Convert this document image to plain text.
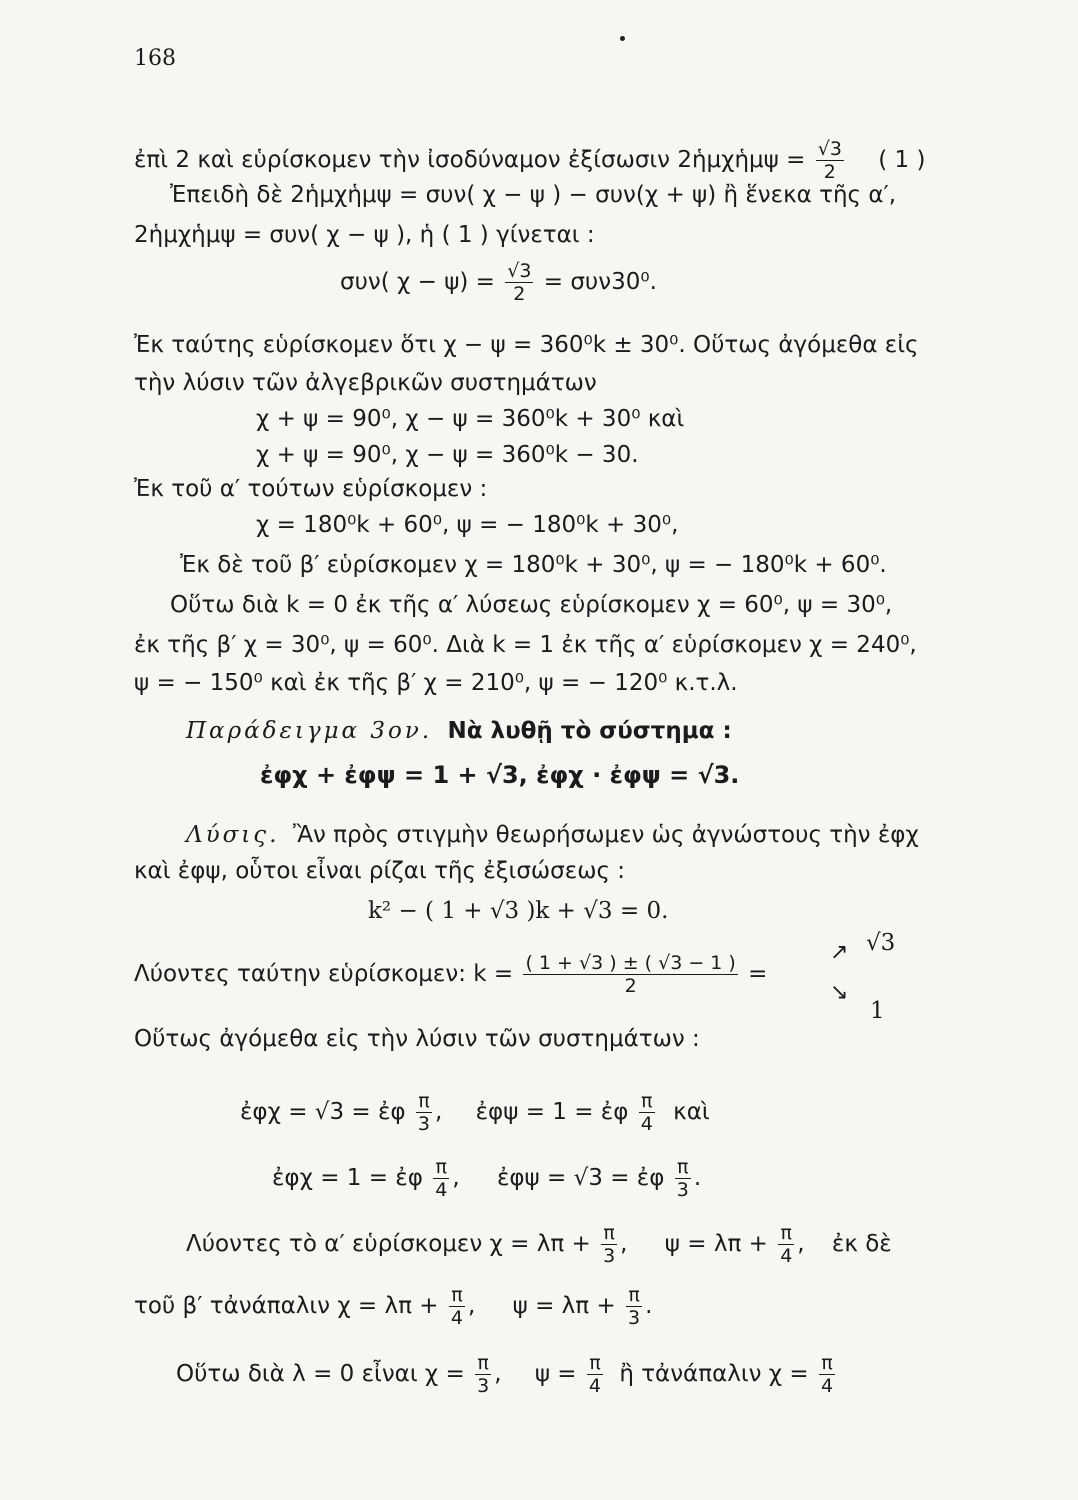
168
ἐπὶ 2 καὶ εὑρίσκομεν τὴν ἰσοδύναμον ἐξίσωσιν 2ἡμχἡμψ = $\frac{√3}{2}$ ( 1 )
Ἐπειδὴ δὲ 2ἡμχἡμψ = συν( χ − ψ ) − συν(χ + ψ) ἢ ἕνεκα τῆς α′,
2ἡμχἡμψ = συν( χ − ψ ), ἡ ( 1 ) γίνεται :
συν( $\chi - \psi) = \frac{√3}{2} = \sigma\upsilon\nu 30^0$.
Ἐκ ταύτης εὑρίσκομεν ὅτι χ − ψ = 360⁰k ± 30⁰. Οὕτως ἀγόμεθα εἰς
τὴν λύσιν τῶν ἀλγεβρικῶν συστημάτων
χ + ψ = 90⁰, χ − ψ = 360⁰k + 30⁰ καὶ
χ + ψ = 90⁰, χ − ψ = 360⁰k − 30.
Ἐκ τοῦ α′ τούτων εὑρίσκομεν :
χ = 180⁰k + 60⁰, ψ = − 180⁰k + 30⁰,
Ἐκ δὲ τοῦ β′ εὑρίσκομεν χ = 180⁰k + 30⁰, ψ = − 180⁰k + 60⁰.
Οὕτω διὰ k = 0 ἐκ τῆς α′ λύσεως εὑρίσκομεν χ = 60⁰, ψ = 30⁰,
ἐκ τῆς β′ χ = 30⁰, ψ = 60⁰. Διὰ k = 1 ἐκ τῆς α′ εὑρίσκομεν χ = 240⁰,
ψ = − 150⁰ καὶ ἐκ τῆς β′ χ = 210⁰, ψ = − 120⁰ κ.τ.λ.
Παράδειγμα 3ον. Νὰ λυθῇ τὸ σύστημα :
ἐφχ + ἐφψ = 1 + √3, ἐφχ · ἐφψ = √3.
Λύσις. Ἂν πρὸς στιγμὴν θεωρήσωμεν ὡς ἀγνώστους τὴν ἐφχ
καὶ ἐφψ, οὗτοι εἶναι ρίζαι τῆς ἐξισώσεως :
k² − ( 1 + √3 )k + √3 = 0.
Λύοντες ταύτην εὑρίσκομεν: $k = \frac{( 1 + √3 ) \pm ( √3 - 1 )}{2}$ =
↗ √3
↘
1
Οὕτως ἀγόμεθα εἰς τὴν λύσιν τῶν συστημάτων :
ἐφχ = √3 = ἐφ $\frac{\pi}{3}$ , ἐφψ = 1 = ἐφ $\frac{\pi}{4}$ καὶ
ἐφχ = 1 = ἐφ $\frac{\pi}{4}$ , ἐφψ = √3 = ἐφ $\frac{\pi}{3}$ .
Λύοντες τὸ α′ εὑρίσκομεν $\chi = \lambda\pi + \frac{\pi}{3}$ , $\psi = \lambda\pi + \frac{\pi}{4}$ , ἐκ δὲ
τοῦ β′ τἀνάπαλιν $\chi = \lambda\pi + \frac{\pi}{4}$ , $\psi = \lambda\pi + \frac{\pi}{3}$ .
Οὕτω διὰ λ = 0 εἶναι $\chi = \frac{\pi}{3}$ , $\psi = \frac{\pi}{4}$ ἢ τἀνάπαλιν $\chi = \frac{\pi}{4}$
